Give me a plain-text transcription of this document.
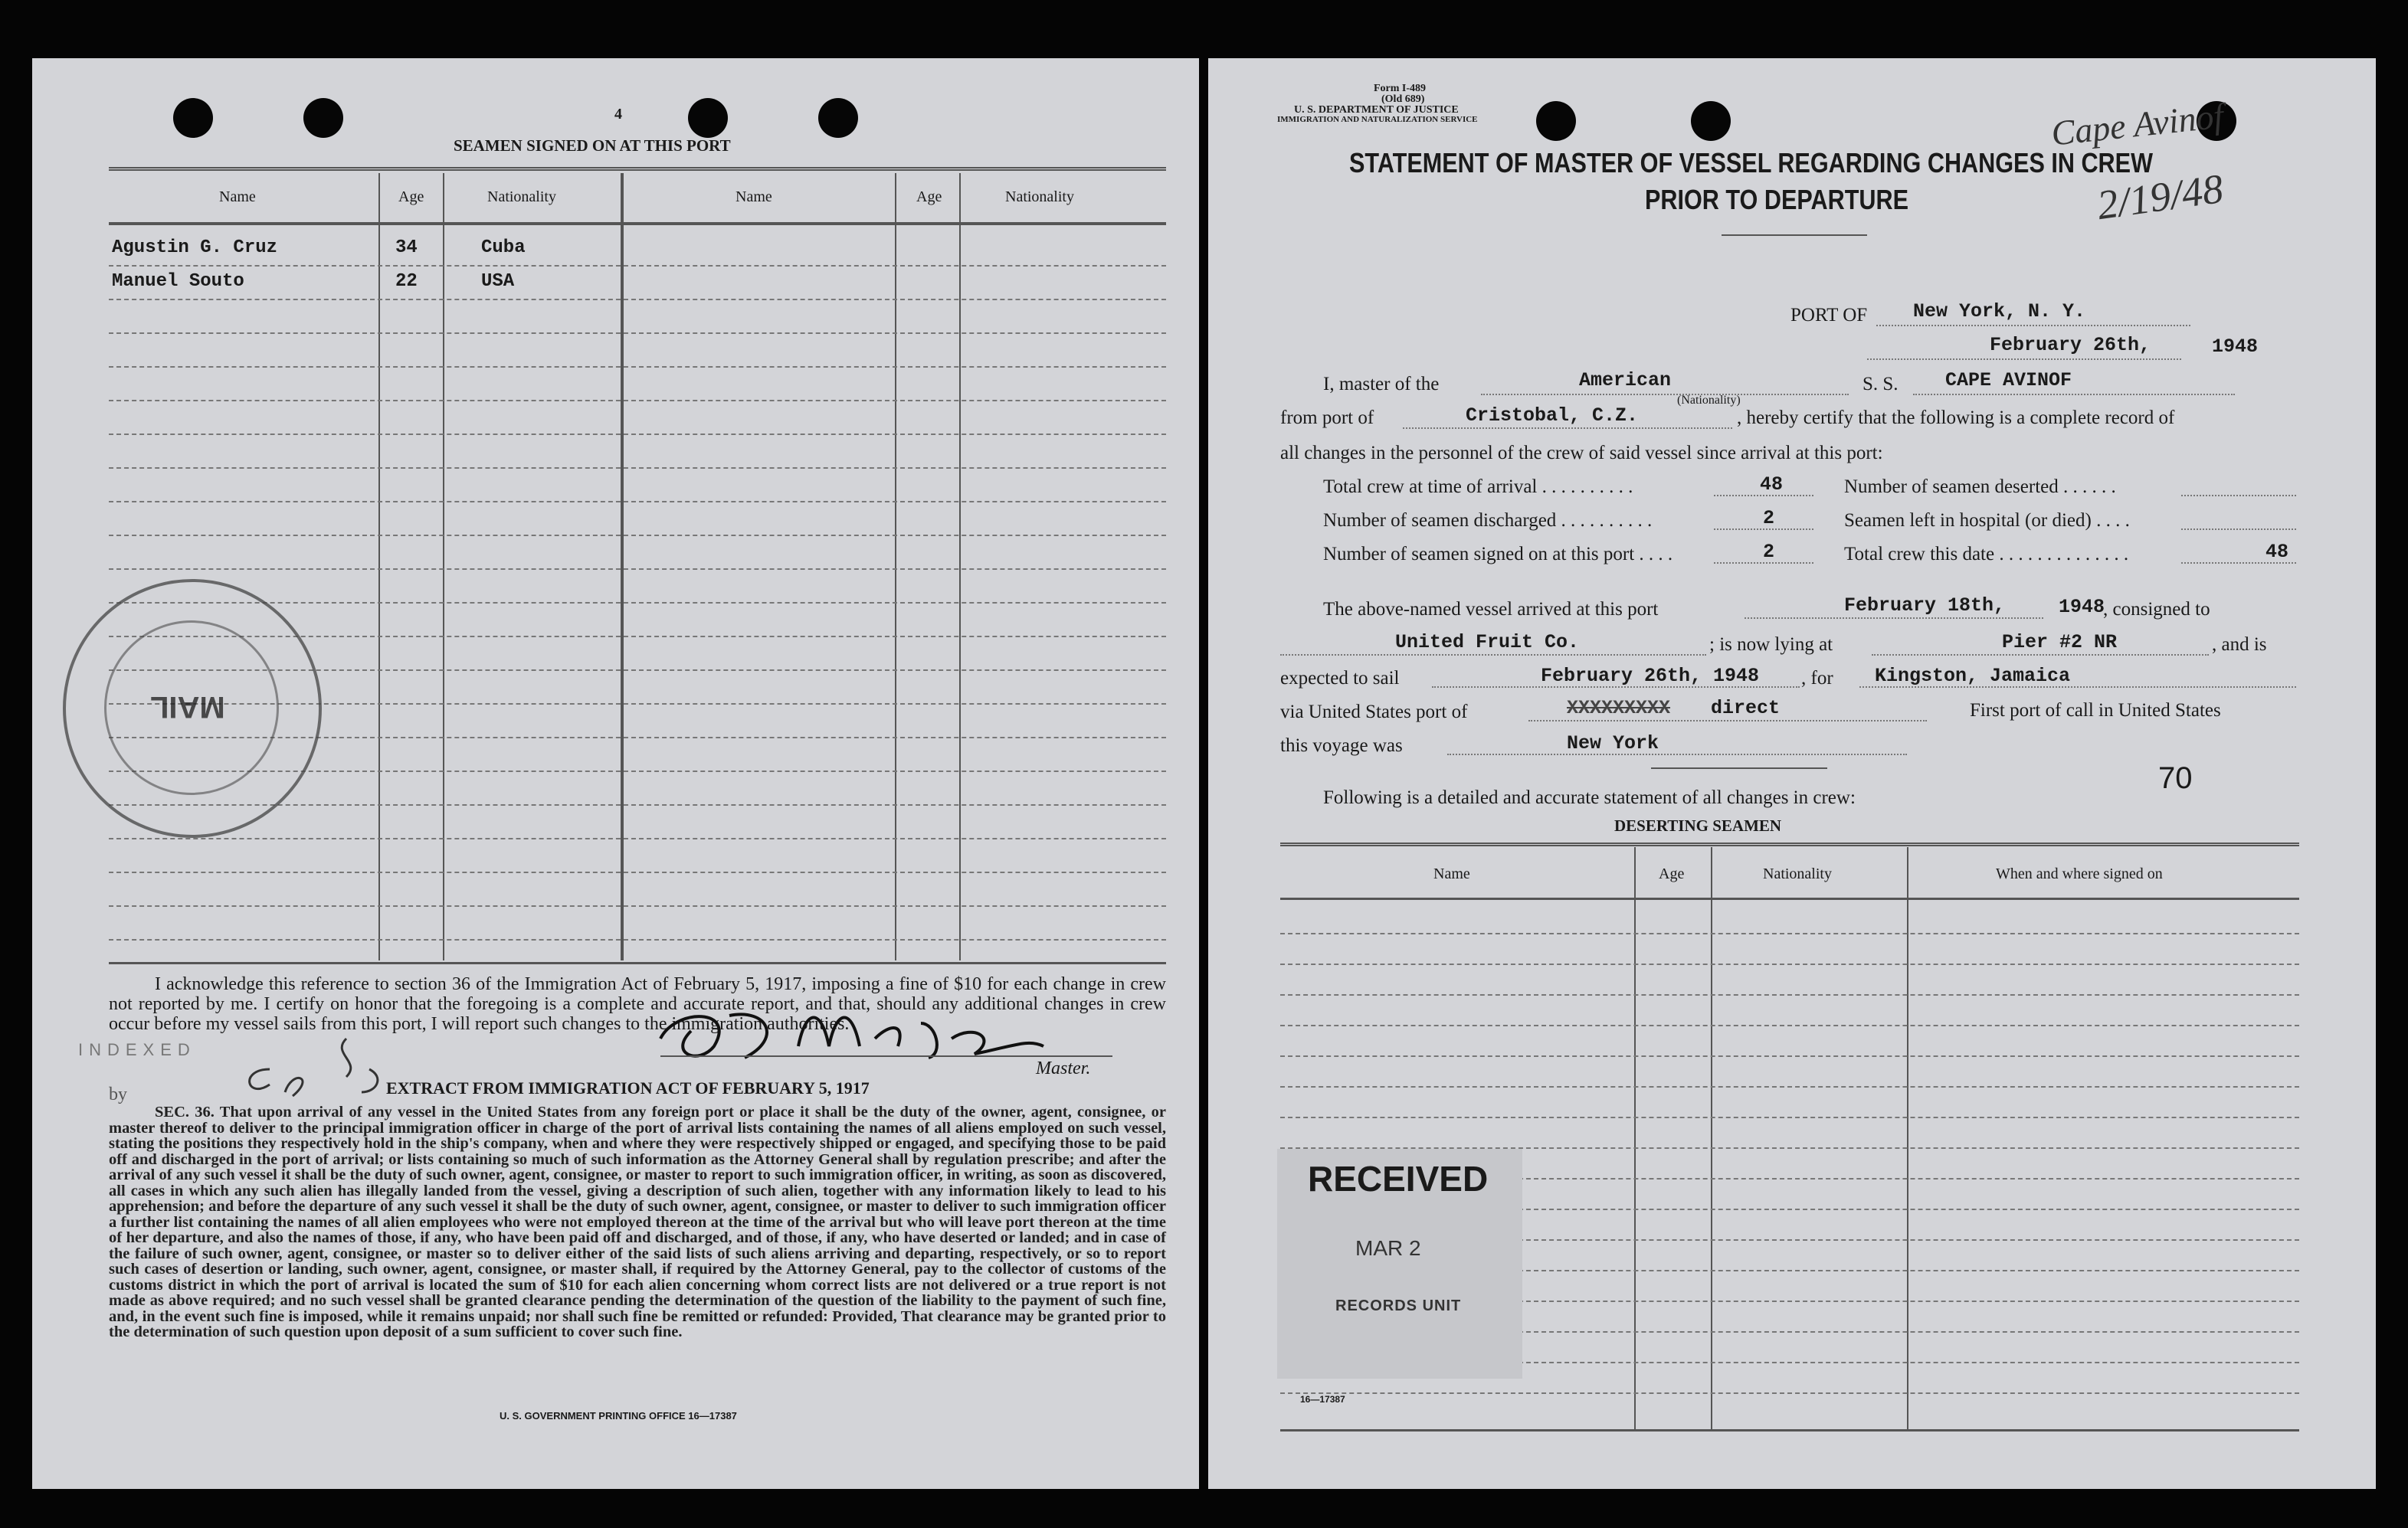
4
SEAMEN SIGNED ON AT THIS PORT
Name	Age	Nationality	Name	Age	Nationality
Agustin G. Cruz	34	Cuba
Manuel Souto	22	USA
MAIL
I acknowledge this reference to section 36 of the Immigration Act of February 5, 1917, imposing a fine of $10 for each change in crew not reported by me. I certify on honor that the foregoing is a complete and accurate report, and that, should any additional changes in crew occur before my vessel sails from this port, I will report such changes to the immigration authorities.
Master.
INDEXED
by	EXTRACT FROM IMMIGRATION ACT OF FEBRUARY 5, 1917
SEC. 36. That upon arrival of any vessel in the United States from any foreign port or place it shall be the duty of the owner, agent, consignee, or master thereof to deliver to the principal immigration officer in charge of the port of arrival lists containing the names of all aliens employed on such vessel, stating the positions they respectively hold in the ship's company, when and where they were respectively shipped or engaged, and specifying those to be paid off and discharged in the port of arrival; or lists containing so much of such information as the Attorney General shall by regulation prescribe; and after the arrival of any such vessel it shall be the duty of such owner, agent, consignee, or master to report to such immigration officer, in writing, as soon as discovered, all cases in which any such alien has illegally landed from the vessel, giving a description of such alien, together with any information likely to lead to his apprehension; and before the departure of any such vessel it shall be the duty of such owner, agent, consignee, or master to deliver to such immigration officer a further list containing the names of all alien employees who were not employed thereon at the time of the arrival but who will leave port thereon at the time of her departure, and also the names of those, if any, who have been paid off and discharged, and of those, if any, who have deserted or landed; and in case of the failure of such owner, agent, consignee, or master so to deliver either of the said lists of such aliens arriving and departing, respectively, or so to report such cases of desertion or landing, such owner, agent, consignee, or master shall, if required by the Attorney General, pay to the collector of customs of the customs district in which the port of arrival is located the sum of $10 for each alien concerning whom correct lists are not delivered or a true report is not made as above required; and no such vessel shall be granted clearance pending the determination of the question of the liability to the payment of such fine, and, in the event such fine is imposed, while it remains unpaid; nor shall such fine be remitted or refunded: Provided, That clearance may be granted prior to the determination of such question upon deposit of a sum sufficient to cover such fine.
U. S. GOVERNMENT PRINTING OFFICE 16—17387
Form I-489
(Old 689)
U. S. DEPARTMENT OF JUSTICE
IMMIGRATION AND NATURALIZATION SERVICE
STATEMENT OF MASTER OF VESSEL REGARDING CHANGES IN CREW
PRIOR TO DEPARTURE
Cape Avinof
2/19/48
PORT OF New York, N. Y.
February 26th,	1948
I, master of the	American
(Nationality)
S. S. CAPE AVINOF
from port of	Cristobal, C.Z.	, hereby certify that the following is a complete record of
all changes in the personnel of the crew of said vessel since arrival at this port:
Total crew at time of arrival . . . . . . . . . .	48
Number of seamen discharged . . . . . . . . . .	2
Number of seamen signed on at this port . . . .	2
Number of seamen deserted . . . . . .
Seamen left in hospital (or died) . . . .
Total crew this date . . . . . . . . . . . . . .	48
The above-named vessel arrived at this port	February 18th,	1948
, consigned to
United Fruit Co.	; is now lying at	Pier #2 NR	, and is
expected to sail	February 26th, 1948 , for Kingston, Jamaica
via United States port of	XXXXXXXXX direct	First port of call in United States
this voyage was	New York
70
Following is a detailed and accurate statement of all changes in crew:
DESERTING SEAMEN
Name	Age	Nationality	When and where signed on
RECEIVED
MAR 2
RECORDS UNIT
16—17387
